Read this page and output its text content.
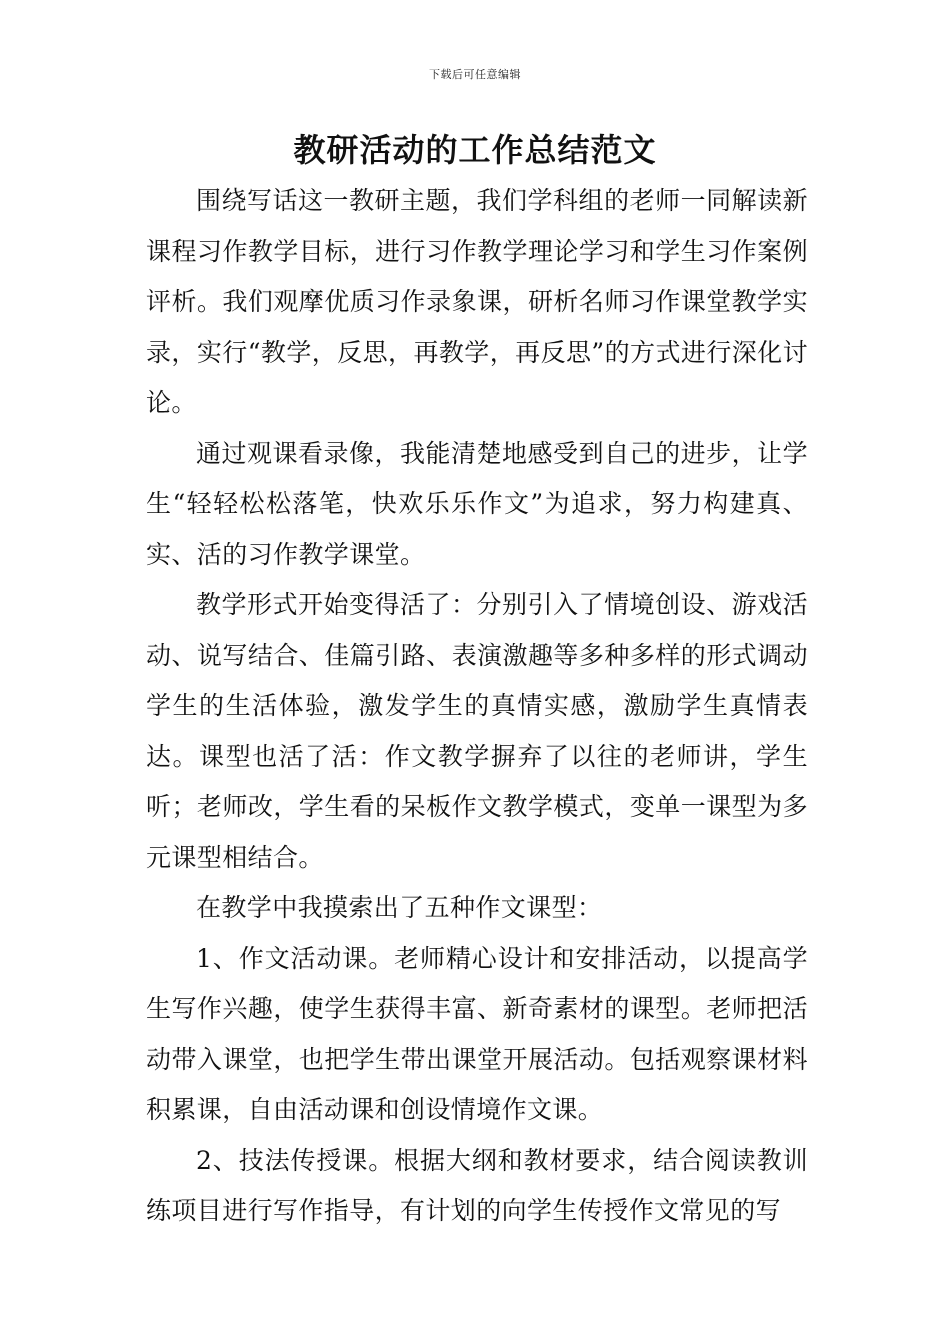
下载后可任意编辑
教研活动的工作总结范文

围绕写话这一教研主题，我们学科组的老师一同解读新课程习作教学目标，进行习作教学理论学习和学生习作案例评析。我们观摩优质习作录象课，研析名师习作课堂教学实录，实行“教学，反思，再教学，再反思”的方式进行深化讨论。

通过观课看录像，我能清楚地感受到自己的进步，让学生“轻轻松松落笔，快欢乐乐作文”为追求，努力构建真、实、活的习作教学课堂。

教学形式开始变得活了：分别引入了情境创设、游戏活动、说写结合、佳篇引路、表演激趣等多种多样的形式调动学生的生活体验，激发学生的真情实感，激励学生真情表达。课型也活了活：作文教学摒弃了以往的老师讲，学生听；老师改，学生看的呆板作文教学模式，变单一课型为多元课型相结合。

在教学中我摸索出了五种作文课型：

1、作文活动课。老师精心设计和安排活动，以提高学生写作兴趣，使学生获得丰富、新奇素材的课型。老师把活动带入课堂，也把学生带出课堂开展活动。包括观察课材料积累课，自由活动课和创设情境作文课。

2、技法传授课。根据大纲和教材要求，结合阅读教训练项目进行写作指导，有计划的向学生传授作文常见的写
